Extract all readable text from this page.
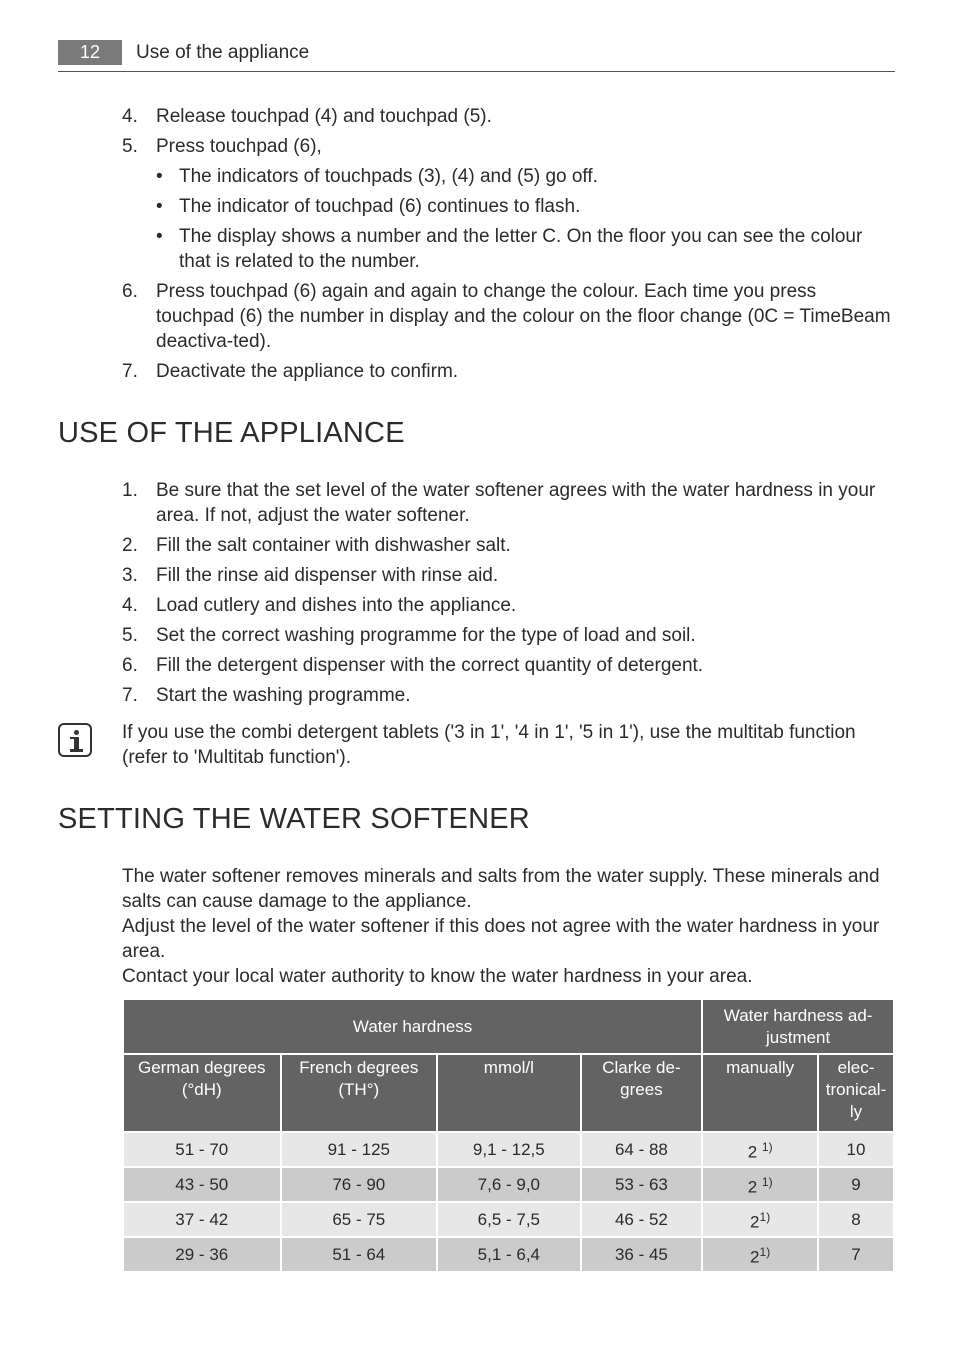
12	Use of the appliance
4. Release touchpad (4) and touchpad (5).
5. Press touchpad (6),
• The indicators of touchpads (3), (4) and (5) go off.
• The indicator of touchpad (6) continues to flash.
• The display shows a number and the letter C. On the floor you can see the colour that is related to the number.
6. Press touchpad (6) again and again to change the colour. Each time you press touchpad (6) the number in display and the colour on the floor change (0C = TimeBeam deactiva-ted).
7. Deactivate the appliance to confirm.
USE OF THE APPLIANCE
1. Be sure that the set level of the water softener agrees with the water hardness in your area. If not, adjust the water softener.
2. Fill the salt container with dishwasher salt.
3. Fill the rinse aid dispenser with rinse aid.
4. Load cutlery and dishes into the appliance.
5. Set the correct washing programme for the type of load and soil.
6. Fill the detergent dispenser with the correct quantity of detergent.
7. Start the washing programme.
If you use the combi detergent tablets ('3 in 1', '4 in 1', '5 in 1'), use the multitab function (refer to 'Multitab function').
SETTING THE WATER SOFTENER

The water softener removes minerals and salts from the water supply. These minerals and salts can cause damage to the appliance.

Adjust the level of the water softener if this does not agree with the water hardness in your area.

Contact your local water authority to know the water hardness in your area.

Water hardness				Water hardness ad-justment	
German degrees (°dH)	French degrees (TH°)	mmol/l	Clarke de-grees	manually	elec-tronical-ly
51 - 70	91 - 125	9,1 - 12,5	64 - 88	2 $^{1)}$	10
43 - 50	76 - 90	7,6 - 9,0	53 - 63	2 $^{1)}$	9
37 - 42	65 - 75	6,5 - 7,5	46 - 52	2$^{1)}$	8
29 - 36	51 - 64	5,1 - 6,4	36 - 45	2$^{1)}$	7
